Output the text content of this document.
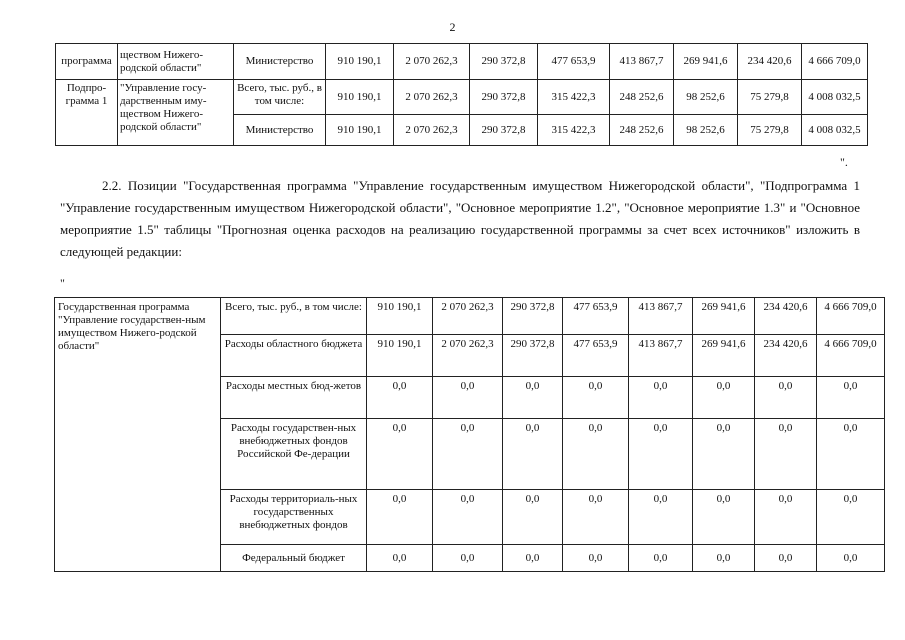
2
программа	ществом Нижего-родской области"	Министерство	910 190,1	2 070 262,3	290 372,8	477 653,9	413 867,7	269 941,6	234 420,6	4 666 709,0
Подпро-грамма 1	"Управление госу-дарственным иму-ществом Нижего-родской области"	Всего, тыс. руб., в том числе:	910 190,1	2 070 262,3	290 372,8	315 422,3	248 252,6	98 252,6	75 279,8	4 008 032,5
		Министерство	910 190,1	2 070 262,3	290 372,8	315 422,3	248 252,6	98 252,6	75 279,8	4 008 032,5
".
2.2. Позиции "Государственная программа "Управление государственным имуществом Нижегородской области", "Подпрограмма 1 "Управление государственным имуществом Нижегородской области", "Основное мероприятие 1.2", "Основное мероприятие 1.3" и "Основное мероприятие 1.5" таблицы "Прогнозная оценка расходов на реализацию государственной программы за счет всех источников" изложить в следующей редакции:
"
Государственная программа "Управление государствен-ным имуществом Нижего-родской области"	Всего, тыс. руб., в том числе:	910 190,1	2 070 262,3	290 372,8	477 653,9	413 867,7	269 941,6	234 420,6	4 666 709,0
	Расходы областного бюджета	910 190,1	2 070 262,3	290 372,8	477 653,9	413 867,7	269 941,6	234 420,6	4 666 709,0
	Расходы местных бюд-жетов	0,0	0,0	0,0	0,0	0,0	0,0	0,0	0,0
	Расходы государствен-ных внебюджетных фондов Российской Фе-дерации	0,0	0,0	0,0	0,0	0,0	0,0	0,0	0,0
	Расходы территориаль-ных государственных внебюджетных фондов	0,0	0,0	0,0	0,0	0,0	0,0	0,0	0,0
	Федеральный бюджет	0,0	0,0	0,0	0,0	0,0	0,0	0,0	0,0
